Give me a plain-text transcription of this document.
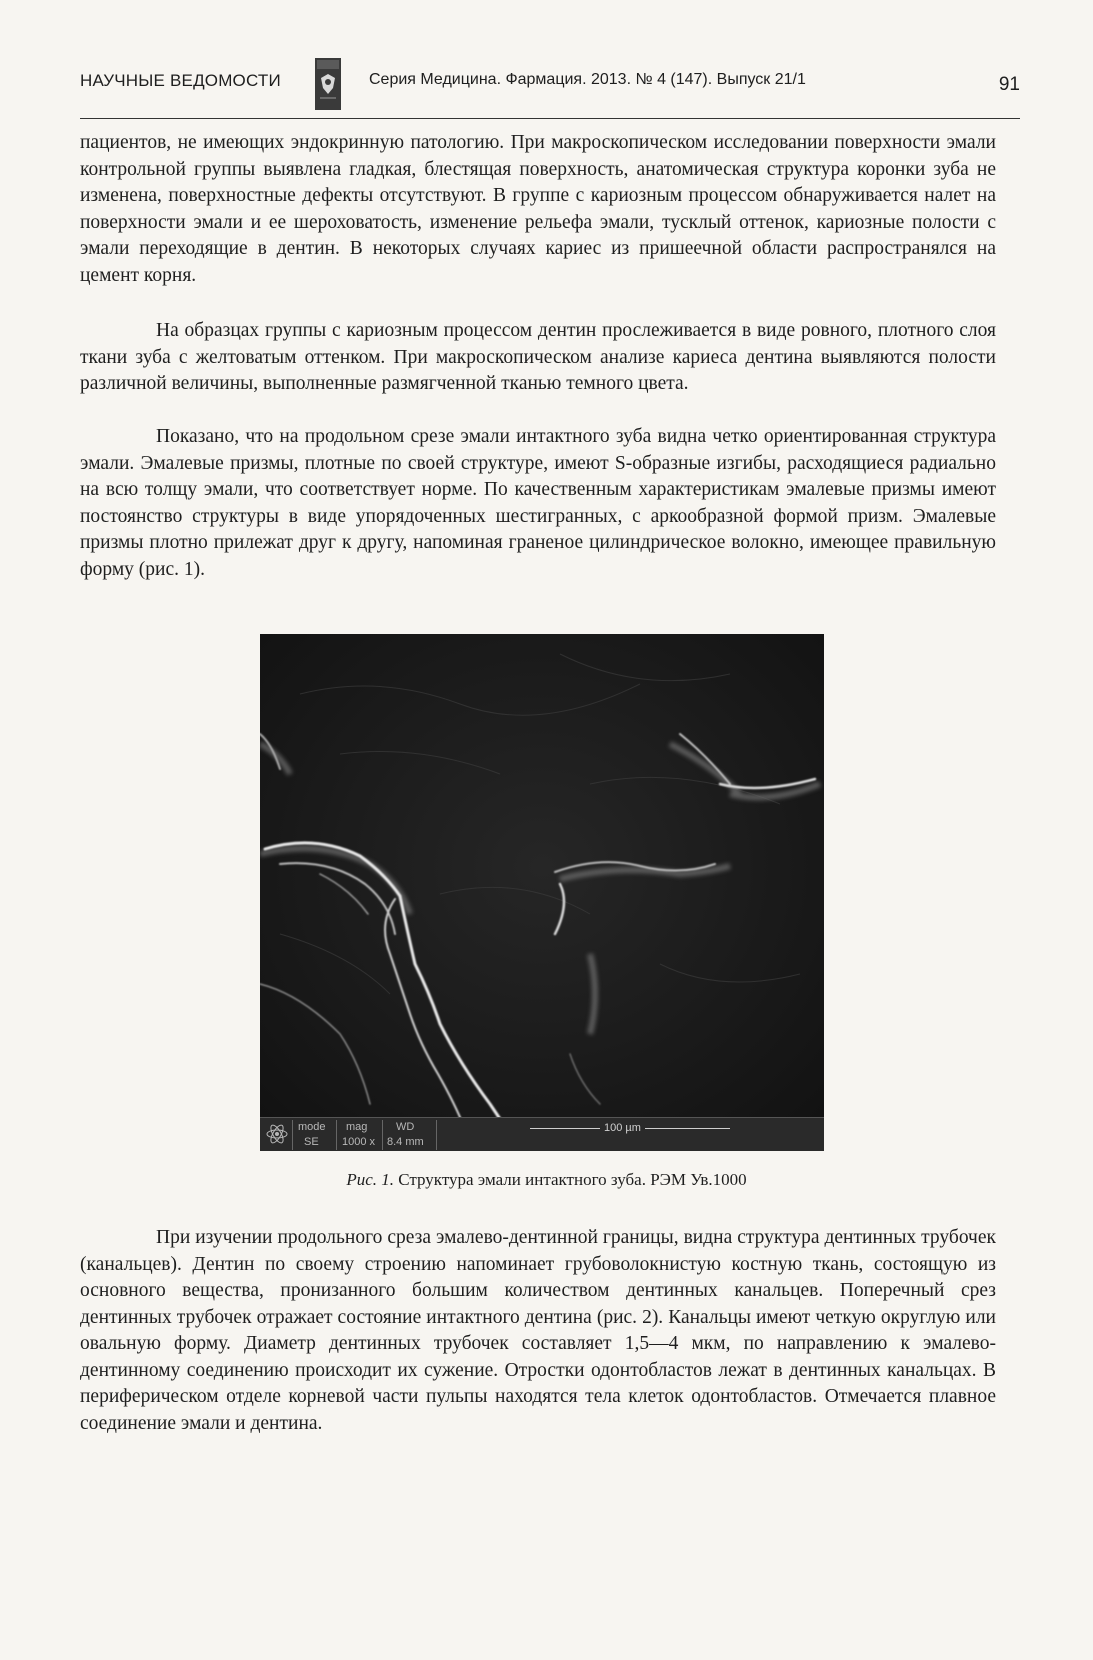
НАУЧНЫЕ ВЕДОМОСТИ	Серия Медицина. Фармация. 2013. № 4 (147). Выпуск 21/1	91

пациентов, не имеющих эндокринную патологию. При макроскопическом исследовании поверхности эмали контрольной группы выявлена гладкая, блестящая поверхность, анатомическая структура коронки зуба не изменена, поверхностные дефекты отсутствуют. В группе с кариозным процессом обнаруживается налет на поверхности эмали и ее шероховатость, изменение рельефа эмали, тусклый оттенок, кариозные полости с эмали переходящие в дентин. В некоторых случаях кариес из пришеечной области распространялся на цемент корня.

На образцах группы с кариозным процессом дентин прослеживается в виде ровного, плотного слоя ткани зуба с желтоватым оттенком. При макроскопическом анализе кариеса дентина выявляются полости различной величины, выполненные размягченной тканью темного цвета.

Показано, что на продольном срезе эмали интактного зуба видна четко ориентированная структура эмали. Эмалевые призмы, плотные по своей структуре, имеют S-образные изгибы, расходящиеся радиально на всю толщу эмали, что соответствует норме. По качественным характеристикам эмалевые призмы имеют постоянство структуры в виде упорядоченных шестигранных, с аркообразной формой призм. Эмалевые призмы плотно прилежат друг к другу, напоминая граненое цилиндрическое волокно, имеющее правильную форму (рис. 1).

mode
SE
mag
1000 x
WD
8.4 mm
100 µm
Рис. 1. Структура эмали интактного зуба. РЭМ Ув.1000

При изучении продольного среза эмалево-дентинной границы, видна структура дентинных трубочек (канальцев). Дентин по своему строению напоминает грубоволокнистую костную ткань, состоящую из основного вещества, пронизанного большим количеством дентинных канальцев. Поперечный срез дентинных трубочек отражает состояние интактного дентина (рис. 2). Канальцы имеют четкую округлую или овальную форму. Диаметр дентинных трубочек составляет 1,5—4 мкм, по направлению к эмалево-дентинному соединению происходит их сужение. Отростки одонтобластов лежат в дентинных канальцах. В периферическом отделе корневой части пульпы находятся тела клеток одонтобластов. Отмечается плавное соединение эмали и дентина.
